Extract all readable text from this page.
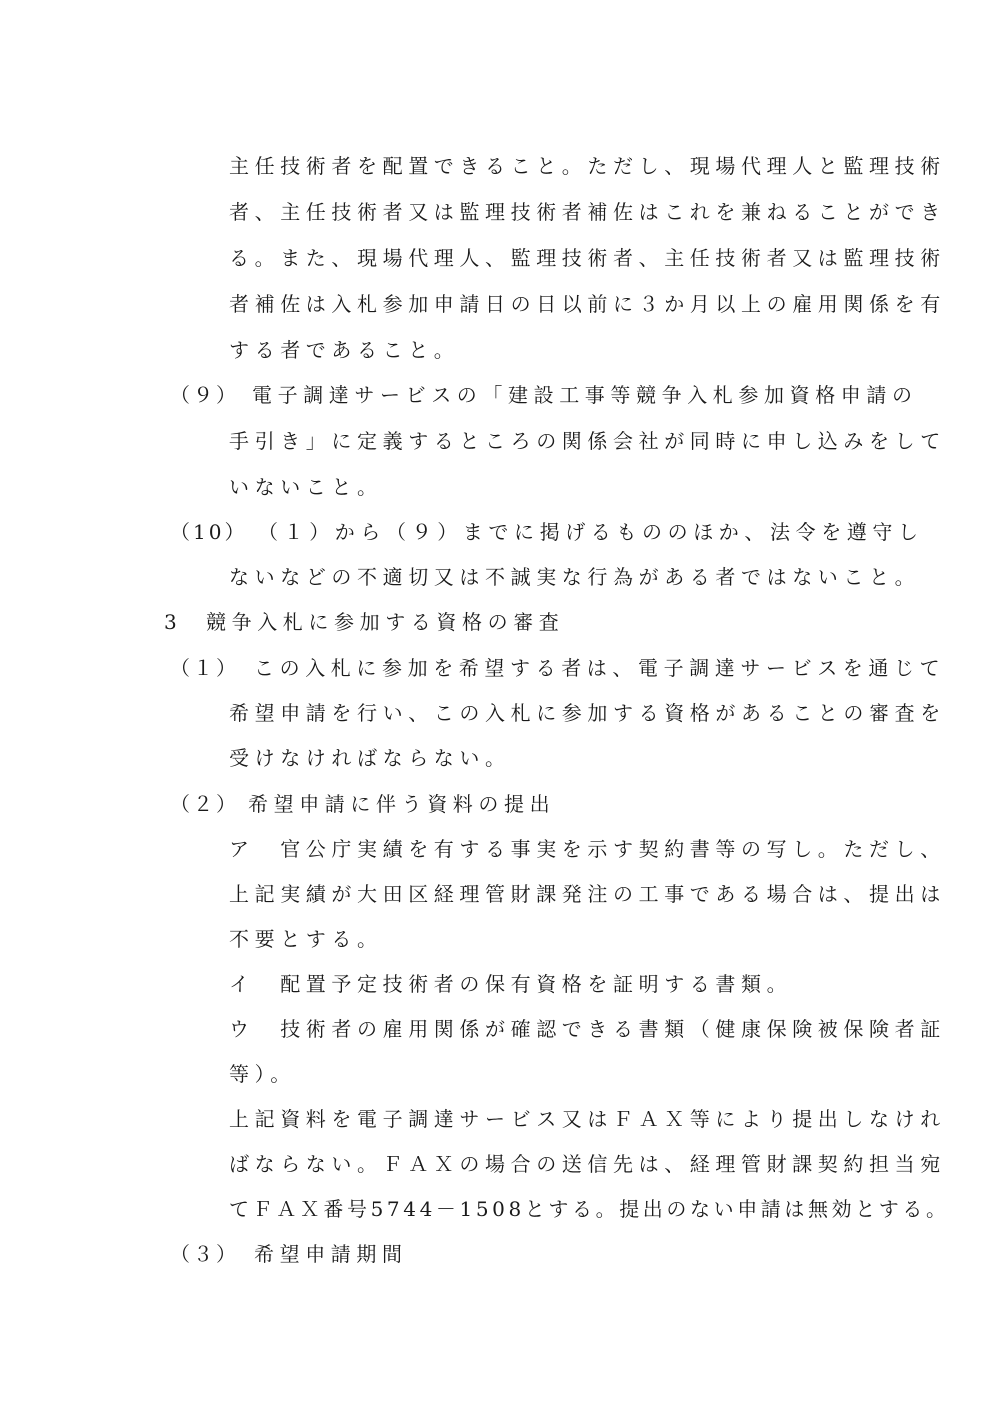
主任技術者を配置できること。ただし、現場代理人と監理技術
者、主任技術者又は監理技術者補佐はこれを兼ねることができ
る。また、現場代理人、監理技術者、主任技術者又は監理技術
者補佐は入札参加申請日の日以前に３か月以上の雇用関係を有
する者であること。
（９） 電子調達サービスの「建設工事等競争入札参加資格申請の
手引き」に定義するところの関係会社が同時に申し込みをして
いないこと。
（10） （１）から（９）までに掲げるもののほか、法令を遵守し
ないなどの不適切又は不誠実な行為がある者ではないこと。
3 競争入札に参加する資格の審査
（１） この入札に参加を希望する者は、電子調達サービスを通じて
希望申請を行い、この入札に参加する資格があることの審査を
受けなければならない。
（２） 希望申請に伴う資料の提出
ア　官公庁実績を有する事実を示す契約書等の写し。ただし、
上記実績が大田区経理管財課発注の工事である場合は、提出は
不要とする。
イ　配置予定技術者の保有資格を証明する書類。
ウ　技術者の雇用関係が確認できる書類（健康保険被保険者証
等）。
上記資料を電子調達サービス又はＦＡＸ等により提出しなけれ
ばならない。ＦＡＸの場合の送信先は、経理管財課契約担当宛
てＦＡＸ番号5744－1508とする。提出のない申請は無効とする。
（３） 希望申請期間
